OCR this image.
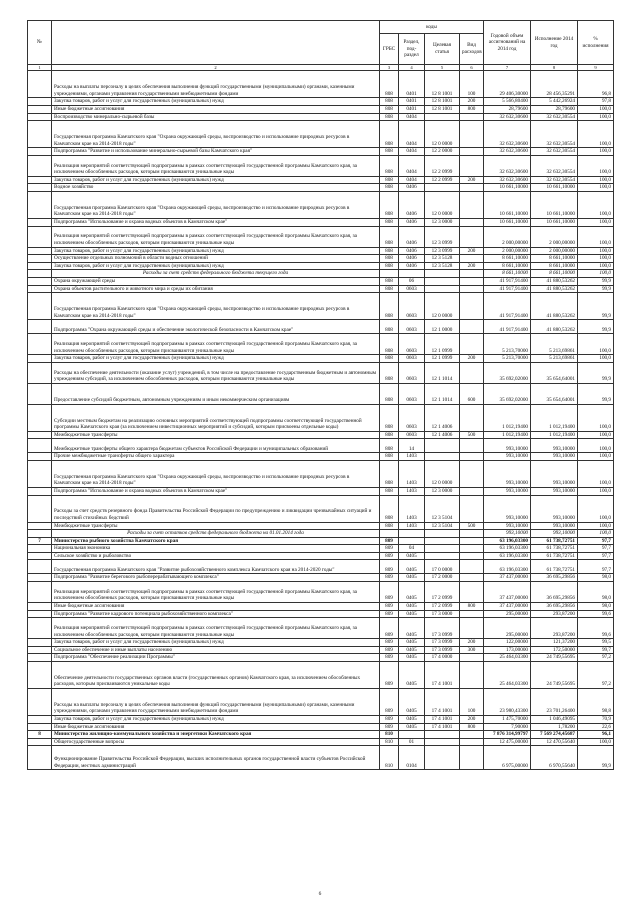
№		коды				Годовой объем ассигнований на 2014 год	Исполнение 2014 год	% исполнения
		ГРБС	Раздел, под-раздел	Целевая статья	Вид расходов			
1	2	3	4	5	6	7	8	9
	Расходы на выплаты персоналу в целях обеспечения выполнения функций государственными (муниципальными) органами, казенными учреждениями, органами управления государственными внебюджетными фондами	808	0401	12 8 1001	100	29 406,30000	28 456,35291	96,8
	Закупка товаров, работ и услуг для государственных (муниципальных) нужд	808	0401	12 8 1001	200	5 566,80400	5 442,26924	97,8
	Иные бюджетные ассигнования	808	0401	12 8 1001	800	28,79600	28,79600	100,0
	Воспроизводство минерально-сырьевой базы	808	0404			32 632,30600	32 632,30554	100,0
	Государственная программа Камчатского края "Охрана окружающей среды, воспроизводство и использование природных ресурсов в Камчатском крае на 2014-2018 годы"	808	0404	12 0 0000		32 632,30600	32 632,30554	100,0
	Подпрограмма "Развитие и использование минерально-сырьевой базы Камчатского края"	808	0404	12 2 0000		32 632,30600	32 632,30554	100,0
	Реализация мероприятий соответствующей подпрограммы в рамках соответствующей государственной программы Камчатского края, за исключением обособленных расходов, которым присваиваются уникальные коды	808	0404	12 2 0999		32 632,30600	32 632,30554	100,0
	Закупка товаров, работ и услуг для государственных (муниципальных) нужд	808	0404	12 2 0999	200	32 632,30600	32 632,30554	100,0
	Водное хозяйство	808	0406			10 661,10000	10 661,10000	100,0
	Государственная программа Камчатского края "Охрана окружающей среды, воспроизводство и использование природных ресурсов в Камчатском крае на 2014-2018 годы"	808	0406	12 0 0000		10 661,10000	10 661,10000	100,0
	Подпрограмма "Использование и охрана водных объектов в Камчатском крае"	808	0406	12 3 0000		10 661,10000	10 661,10000	100,0
	Реализация мероприятий соответствующей подпрограммы в рамках соответствующей государственной программы Камчатского края, за исключением обособленных расходов, которым присваиваются уникальные коды	808	0406	12 3 0999		2 000,00000	2 000,00000	100,0
	Закупка товаров, работ и услуг для государственных (муниципальных) нужд	808	0406	12 3 0999	200	2 000,00000	2 000,00000	100,0
	Осуществление отдельных полномочий в области водных отношений	808	0406	12 3 5128		8 661,10000	8 661,10000	100,0
	Закупка товаров, работ и услуг для государственных (муниципальных) нужд	808	0406	12 3 5128	200	8 661,10000	8 661,10000	100,0
	Расходы за счет средств федерального бюджета текущего года					8 661,10000	8 661,10000	100,0
	Охрана окружающей среды	808	06			41 917,91400	41 880,53262	99,9
	Охрана объектов растительного и животного мира и среды их обитания	808	0603			41 917,91400	41 880,53262	99,9
	Государственная программа Камчатского края "Охрана окружающей среды, воспроизводство и использование природных ресурсов в Камчатском крае на 2014-2018 годы"	808	0603	12 0 0000		41 917,91400	41 880,53262	99,9
	Подпрограмма "Охрана окружающей среды и обеспечение экологической безопасности в Камчатском крае"	808	0603	12 1 0000		41 917,91400	41 880,53262	99,9
	Реализация мероприятий соответствующей подпрограммы в рамках соответствующей государственной программы Камчатского края, за исключением обособленных расходов, которым присваиваются уникальные коды	808	0603	12 1 0999		5 213,70000	5 213,69861	100,0
	Закупка товаров, работ и услуг для государственных (муниципальных) нужд	808	0603	12 1 0999	200	5 213,70000	5 213,69861	100,0
	Расходы на обеспечение деятельности (оказание услуг) учреждений, в том числе на предоставление государственным бюджетным и автономным учреждениям субсидий, за исключением обособленных расходов, которым присваиваются уникальные коды	808	0603	12 1 1014		35 692,02000	35 654,64001	99,9
	Предоставление субсидий бюджетным, автономным учреждениям и иным некоммерческим организациям	808	0603	12 1 1014	600	35 692,02000	35 654,64001	99,9
	Субсидии местным бюджетам на реализацию основных мероприятий соответствующей подпрограммы соответствующей государственной программы Камчатского края (за исключением инвестиционных мероприятий и субсидий, которым присвоены отдельные коды)	808	0603	12 1 4006		1 012,19400	1 012,19400	100,0
	Межбюджетные трансферты	808	0603	12 1 4006	500	1 012,19400	1 012,19400	100,0
	Межбюджетные трансферты общего характера бюджетам субъектов Российской Федерации и муниципальных образований	808	14			993,10000	993,10000	100,0
	Прочие межбюджетные трансферты общего характера	808	1403			993,10000	993,10000	100,0
	Государственная программа Камчатского края "Охрана окружающей среды, воспроизводство и использование природных ресурсов в Камчатском крае на 2014-2018 годы"	808	1403	12 0 0000		993,10000	993,10000	100,0
	Подпрограмма "Использование и охрана водных объектов в Камчатском крае"	808	1403	12 3 0000		993,10000	993,10000	100,0
	Расходы за счет средств резервного фонда Правительства Российской Федерации по предупреждению и ликвидации чрезвычайных ситуаций и последствий стихийных бедствий	808	1403	12 3 5104		993,10000	993,10000	100,0
	Межбюджетные трансферты	808	1403	12 3 5104	500	993,10000	993,10000	100,0
	Расходы за счет остатков средств федерального бюджета на 01.01.2014 года					993,10000	993,10000	100,0
7	Министерство рыбного хозяйства Камчатского края	809				63 196,03300	61 738,72751	97,7
	Национальная экономика	809	04			63 196,03300	61 738,72751	97,7
	Сельское хозяйство и рыболовство	809	0405			63 196,03300	61 738,72751	97,7
	Государственная программа Камчатского края "Развитие рыбохозяйственного комплекса Камчатского края на 2014-2020 годы"	809	0405	17 0 0000		63 196,03300	61 738,72751	97,7
	Подпрограмма "Развитие берегового рыбоперерабатывающего комплекса"	809	0405	17 2 0000		37 437,00000	36 695,29856	98,0
	Реализация мероприятий соответствующей подпрограммы в рамках соответствующей государственной программы Камчатского края, за исключением обособленных расходов, которым присваиваются уникальные коды	809	0405	17 2 0999		37 437,00000	36 695,29856	98,0
	Иные бюджетные ассигнования	809	0405	17 2 0999	800	37 437,00000	36 695,29856	98,0
	Подпрограмма "Развитие кадрового потенциала рыбохозяйственного комплекса"	809	0405	17 3 0000		295,00000	293,87200	99,6
	Реализация мероприятий соответствующей подпрограммы в рамках соответствующей государственной программы Камчатского края, за исключением обособленных расходов, которым присваиваются уникальные коды	809	0405	17 3 0999		295,00000	293,87200	99,6
	Закупка товаров, работ и услуг для государственных (муниципальных) нужд	809	0405	17 3 0999	200	122,00000	121,37200	99,5
	Социальное обеспечение и иные выплаты населению	809	0405	17 3 0999	300	173,00000	172,50000	99,7
	Подпрограмма "Обеспечение реализации Программы"	809	0405	17 4 0000		25 464,03300	24 749,55695	97,2
	Обеспечение деятельности государственных органов власти (государственных органов) Камчатского края, за исключением обособленных расходов, которым присваиваются уникальные коды	809	0405	17 4 1001		25 464,03300	24 749,55695	97,2
	Расходы на выплаты персоналу в целях обеспечения выполнения функций государственными (муниципальными) органами, казенными учреждениями, органами управления государственными внебюджетными фондами	809	0405	17 4 1001	100	23 980,43300	23 701,26400	98,8
	Закупка товаров, работ и услуг для государственных (муниципальных) нужд	809	0405	17 4 1001	200	1 475,70000	1 046,49095	70,9
	Иные бюджетные ассигнования	809	0405	17 4 1001	800	7,90000	1,78200	22,6
8	Министерство жилищно-коммунального хозяйства и энергетики Камчатского края	810				7 876 314,99797	7 569 274,45687	96,1
	Общегосударственные вопросы	810	01			12 475,00000	12 470,55640	100,0
	Функционирование Правительства Российской Федерации, высших исполнительных органов государственной власти субъектов Российской Федерации, местных администраций	810	0104			6 975,00000	6 970,55640	99,9
6
